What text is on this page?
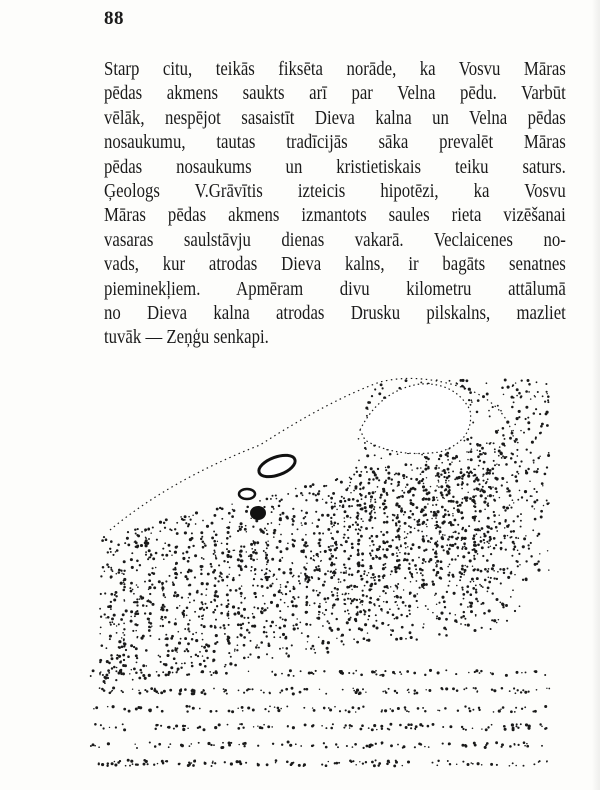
88
Starp citu, teikās fiksēta norāde, ka Vosvu Māras
pēdas akmens saukts arī par Velna pēdu. Varbūt
vēlāk, nespējot sasaistīt Dieva kalna un Velna pēdas
nosaukumu, tautas tradīcijās sāka prevalēt Māras
pēdas nosaukums un kristietiskais teiku saturs.
Ģeologs V.Grāvītis izteicis hipotēzi, ka Vosvu
Māras pēdas akmens izmantots saules rieta vizēšanai
vasaras saulstāvju dienas vakarā. Veclaicenes no-
vads, kur atrodas Dieva kalns, ir bagāts senatnes
pieminekļiem. Apmēram divu kilometru attālumā
no Dieva kalna atrodas Drusku pilskalns, mazliet
tuvāk — Zeņģu senkapi.
